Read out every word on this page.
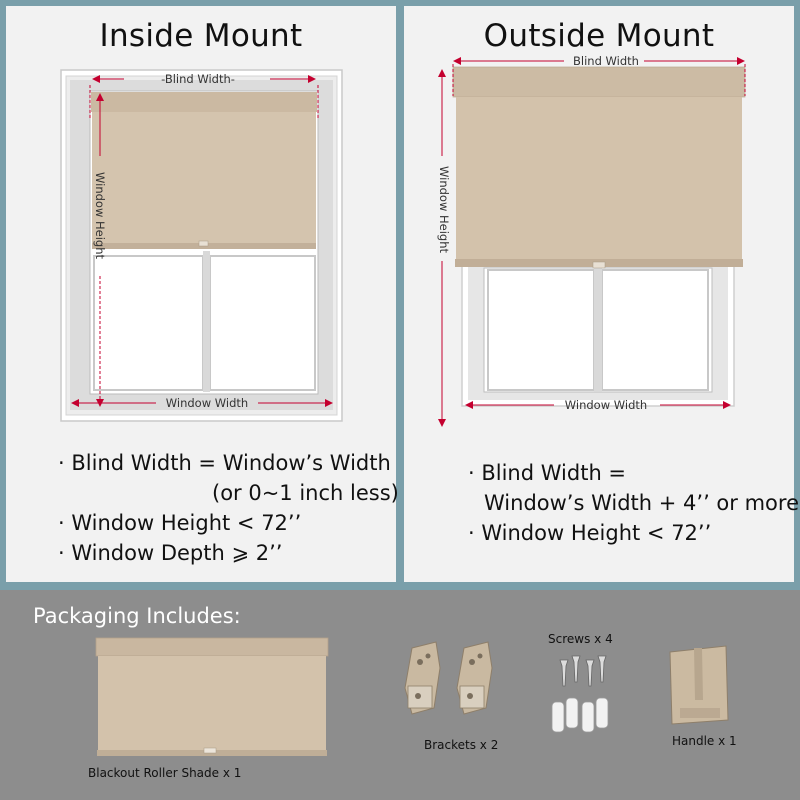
Inside Mount
-Blind Width-
Window Height
Window Width
· Blind Width = Window’s Width
(or 0~1 inch less)
· Window Height < 72’’
· Window Depth ⩾ 2’’
Outside Mount
Blind Width
Window Height
Window Width
· Blind Width =
Window’s Width + 4’’ or more
· Window Height < 72’’
Packaging Includes:
Blackout Roller Shade x 1
Brackets x 2
Screws x 4
Handle x 1
